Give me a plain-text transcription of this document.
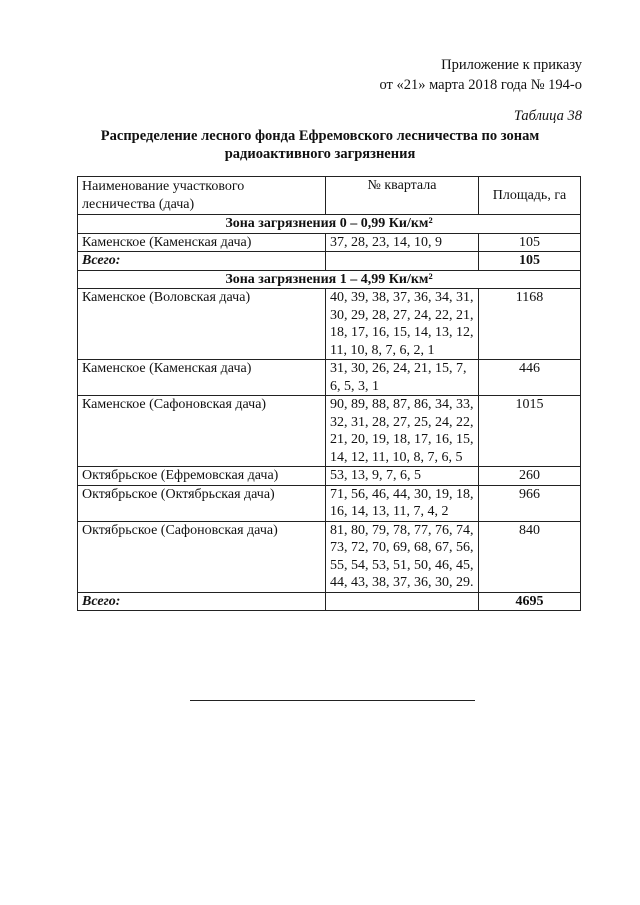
Приложение к приказу
от «21» марта 2018 года № 194-о
Таблица 38
Распределение лесного фонда Ефремовского лесничества по зонам радиоактивного загрязнения
Наименование участкового лесничества (дача)	№ квартала	Площадь, га
Зона загрязнения 0 – 0,99 Ки/км²		
Каменское (Каменская дача)	37, 28, 23, 14, 10, 9	105
Всего:		105
Зона загрязнения 1 – 4,99 Ки/км²		
Каменское (Воловская дача)	40, 39, 38, 37, 36, 34, 31, 30, 29, 28, 27, 24, 22, 21, 18, 17, 16, 15, 14, 13, 12, 11, 10, 8, 7, 6, 2, 1	1168
Каменское (Каменская дача)	31, 30, 26, 24, 21, 15, 7, 6, 5, 3, 1	446
Каменское (Сафоновская дача)	90, 89, 88, 87, 86, 34, 33, 32, 31, 28, 27, 25, 24, 22, 21, 20, 19, 18, 17, 16, 15, 14, 12, 11, 10, 8, 7, 6, 5	1015
Октябрьское (Ефремовская дача)	53, 13, 9, 7, 6, 5	260
Октябрьское (Октябрьская дача)	71, 56, 46, 44, 30, 19, 18, 16, 14, 13, 11, 7, 4, 2	966
Октябрьское (Сафоновская дача)	81, 80, 79, 78, 77, 76, 74, 73, 72, 70, 69, 68, 67, 56, 55, 54, 53, 51, 50, 46, 45, 44, 43, 38, 37, 36, 30, 29.	840
Всего:		4695
